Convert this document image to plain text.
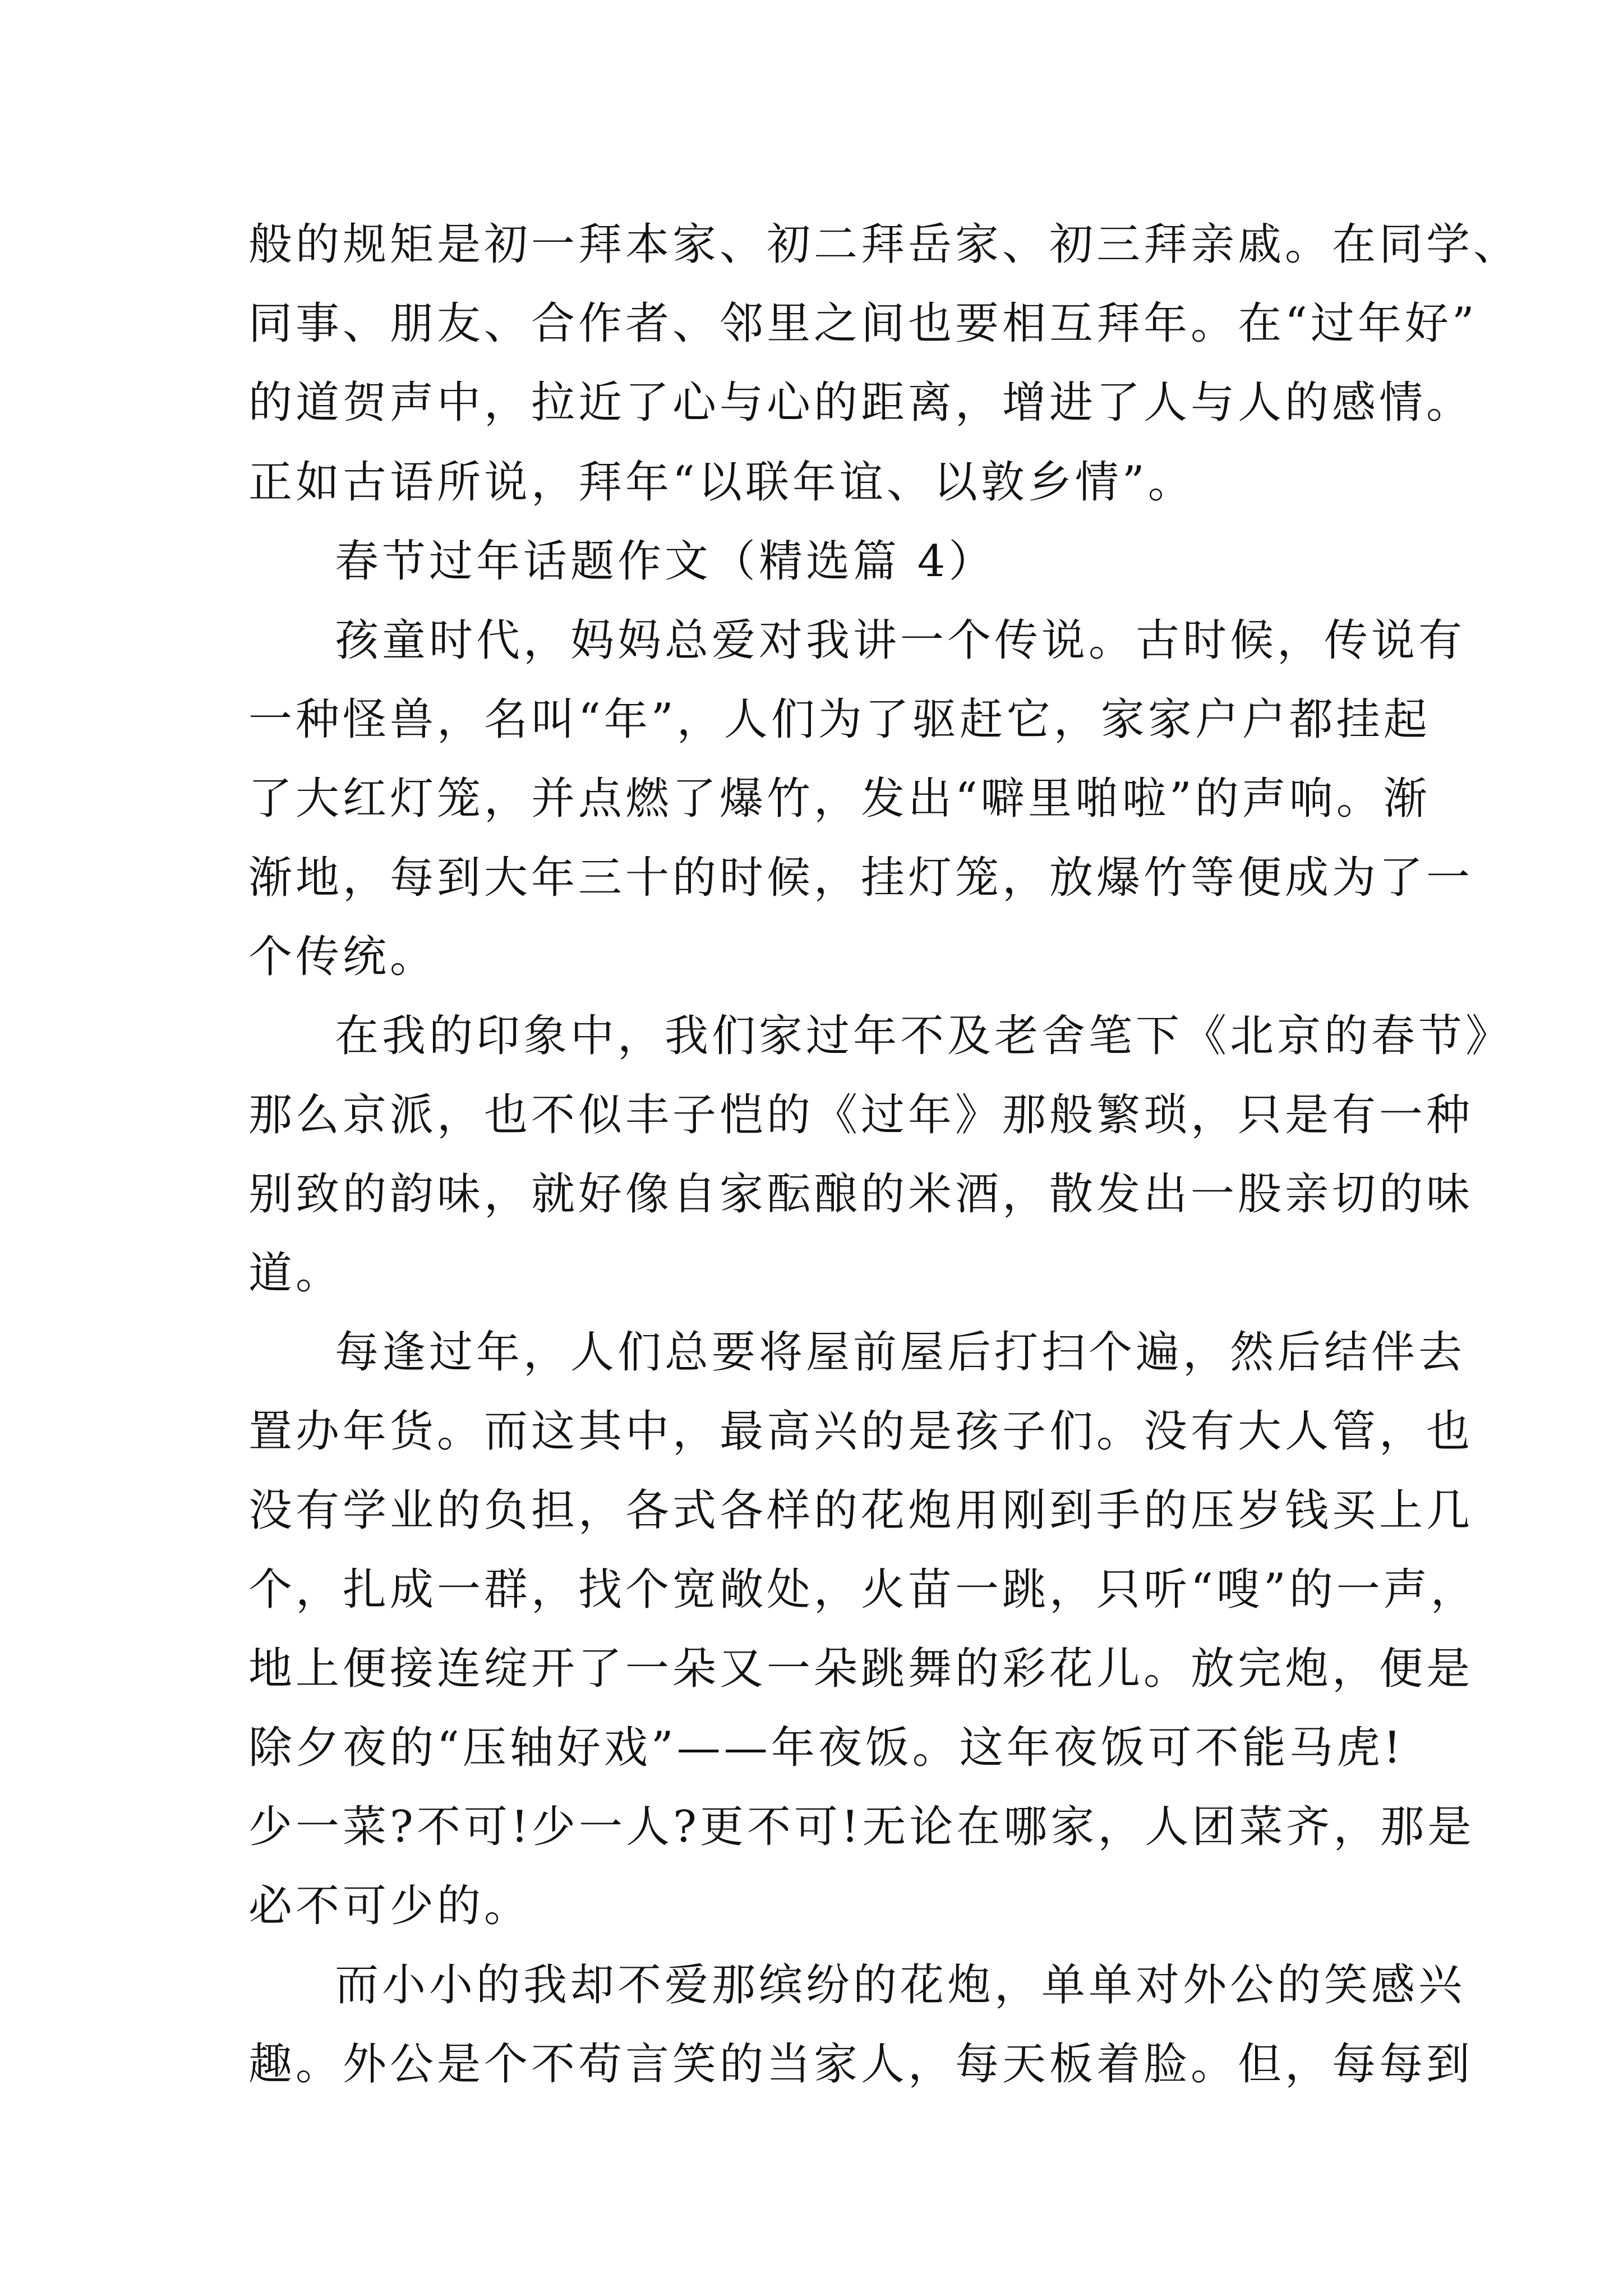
般的规矩是初一拜本家、初二拜岳家、初三拜亲戚。在同学、
同事、朋友、合作者、邻里之间也要相互拜年。在“过年好”
的道贺声中，拉近了心与心的距离，增进了人与人的感情。
正如古语所说，拜年“以联年谊、以敦乡情”。
春节过年话题作文（精选篇 4）
孩童时代，妈妈总爱对我讲一个传说。古时候，传说有
一种怪兽，名叫“年”，人们为了驱赶它，家家户户都挂起
了大红灯笼，并点燃了爆竹，发出“噼里啪啦”的声响。渐
渐地，每到大年三十的时候，挂灯笼，放爆竹等便成为了一
个传统。
在我的印象中，我们家过年不及老舍笔下《北京的春节》
那么京派，也不似丰子恺的《过年》那般繁琐，只是有一种
别致的韵味，就好像自家酝酿的米酒，散发出一股亲切的味
道。
每逢过年，人们总要将屋前屋后打扫个遍，然后结伴去
置办年货。而这其中，最高兴的是孩子们。没有大人管，也
没有学业的负担，各式各样的花炮用刚到手的压岁钱买上几
个，扎成一群，找个宽敞处，火苗一跳，只听“嗖”的一声，
地上便接连绽开了一朵又一朵跳舞的彩花儿。放完炮，便是
除夕夜的“压轴好戏”——年夜饭。这年夜饭可不能马虎!
少一菜?不可!少一人?更不可!无论在哪家，人团菜齐，那是
必不可少的。
而小小的我却不爱那缤纷的花炮，单单对外公的笑感兴
趣。外公是个不苟言笑的当家人，每天板着脸。但，每每到
